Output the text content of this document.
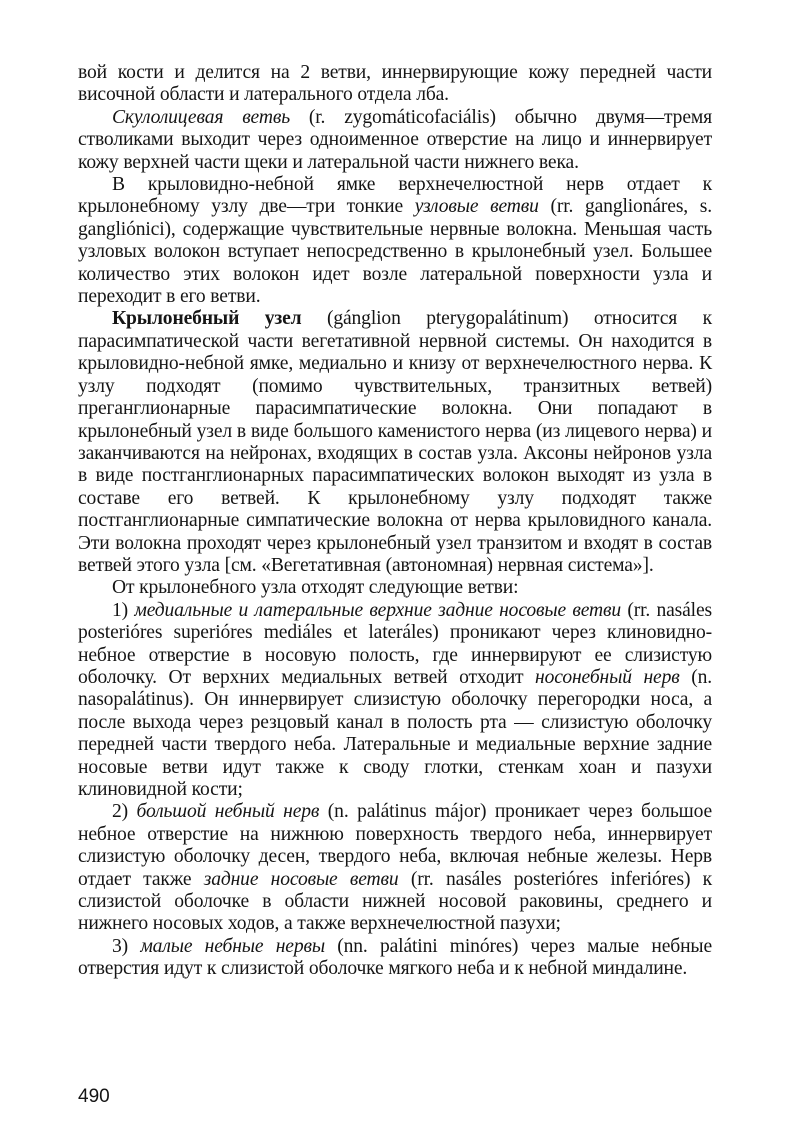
вой кости и делится на 2 ветви, иннервирующие кожу передней части височной области и латерального отдела лба.

Скулолицевая ветвь (r. zygomáticofaciális) обычно двумя—тремя стволиками выходит через одноименное отверстие на лицо и иннервирует кожу верхней части щеки и латеральной части нижнего века.

В крыловидно-небной ямке верхнечелюстной нерв отдает к крылонебному узлу две—три тонкие узловые ветви (rr. ganglionáres, s. gangliónici), содержащие чувствительные нервные волокна. Меньшая часть узловых волокон вступает непосредственно в крылонебный узел. Большее количество этих волокон идет возле латеральной поверхности узла и переходит в его ветви.

Крылонебный узел (gánglion pterygopalátinum) относится к парасимпатической части вегетативной нервной системы. Он находится в крыловидно-небной ямке, медиально и книзу от верхнечелюстного нерва. К узлу подходят (помимо чувствительных, транзитных ветвей) преганглионарные парасимпатические волокна. Они попадают в крылонебный узел в виде большого каменистого нерва (из лицевого нерва) и заканчиваются на нейронах, входящих в состав узла. Аксоны нейронов узла в виде постганглионарных парасимпатических волокон выходят из узла в составе его ветвей. К крылонебному узлу подходят также постганглионарные симпатические волокна от нерва крыловидного канала. Эти волокна проходят через крылонебный узел транзитом и входят в состав ветвей этого узла [см. «Вегетативная (автономная) нервная система»].

От крылонебного узла отходят следующие ветви:

1) медиальные и латеральные верхние задние носовые ветви (rr. nasáles posterióres superióres mediáles et lateráles) проникают через клиновидно-небное отверстие в носовую полость, где иннервируют ее слизистую оболочку. От верхних медиальных ветвей отходит носонебный нерв (n. nasopalátinus). Он иннервирует слизистую оболочку перегородки носа, а после выхода через резцовый канал в полость рта — слизистую оболочку передней части твердого неба. Латеральные и медиальные верхние задние носовые ветви идут также к своду глотки, стенкам хоан и пазухи клиновидной кости;

2) большой небный нерв (n. palátinus májor) проникает через большое небное отверстие на нижнюю поверхность твердого неба, иннервирует слизистую оболочку десен, твердого неба, включая небные железы. Нерв отдает также задние носовые ветви (rr. nasáles posterióres inferióres) к слизистой оболочке в области нижней носовой раковины, среднего и нижнего носовых ходов, а также верхнечелюстной пазухи;

3) малые небные нервы (nn. palátini minóres) через малые небные отверстия идут к слизистой оболочке мягкого неба и к небной миндалине.

490
